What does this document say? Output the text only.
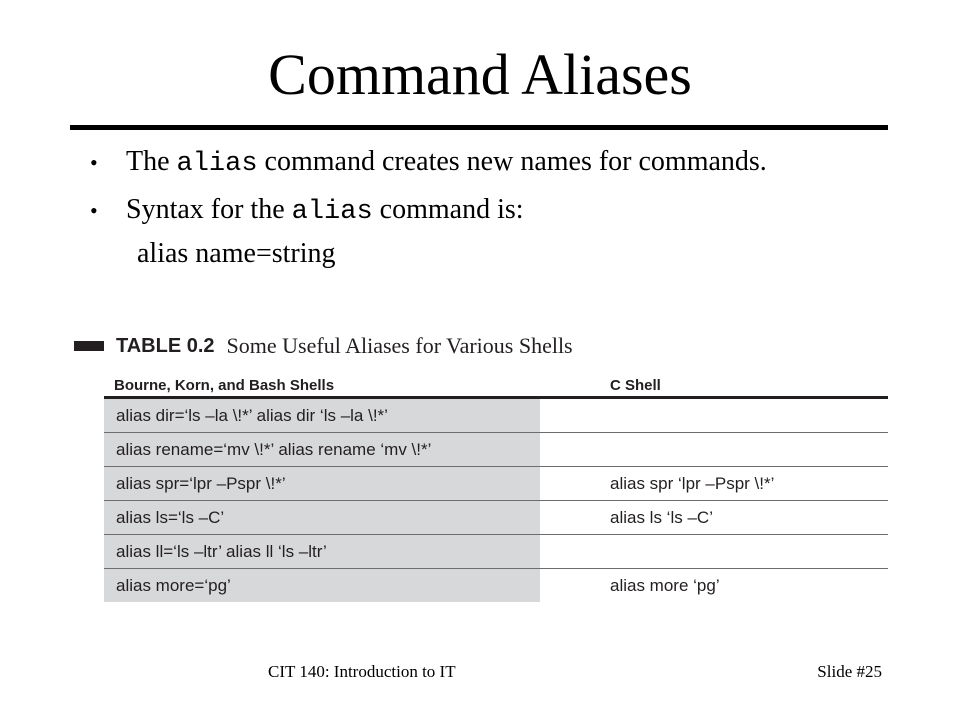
Command Aliases
•	The alias command creates new names for commands.
•	Syntax for the alias command is:
alias name=string
TABLE 0.2 Some Useful Aliases for Various Shells
Bourne, Korn, and Bash Shells	C Shell
alias dir=‘ls –la \!*’ alias dir ‘ls –la \!*’
alias rename=‘mv \!*’ alias rename ‘mv \!*’
alias spr=‘lpr –Pspr \!*’	alias spr ‘lpr –Pspr \!*’
alias ls=‘ls –C’	alias ls ‘ls –C’
alias ll=‘ls –ltr’ alias ll ‘ls –ltr’
alias more=‘pg’	alias more ‘pg’
CIT 140: Introduction to IT	Slide #25
